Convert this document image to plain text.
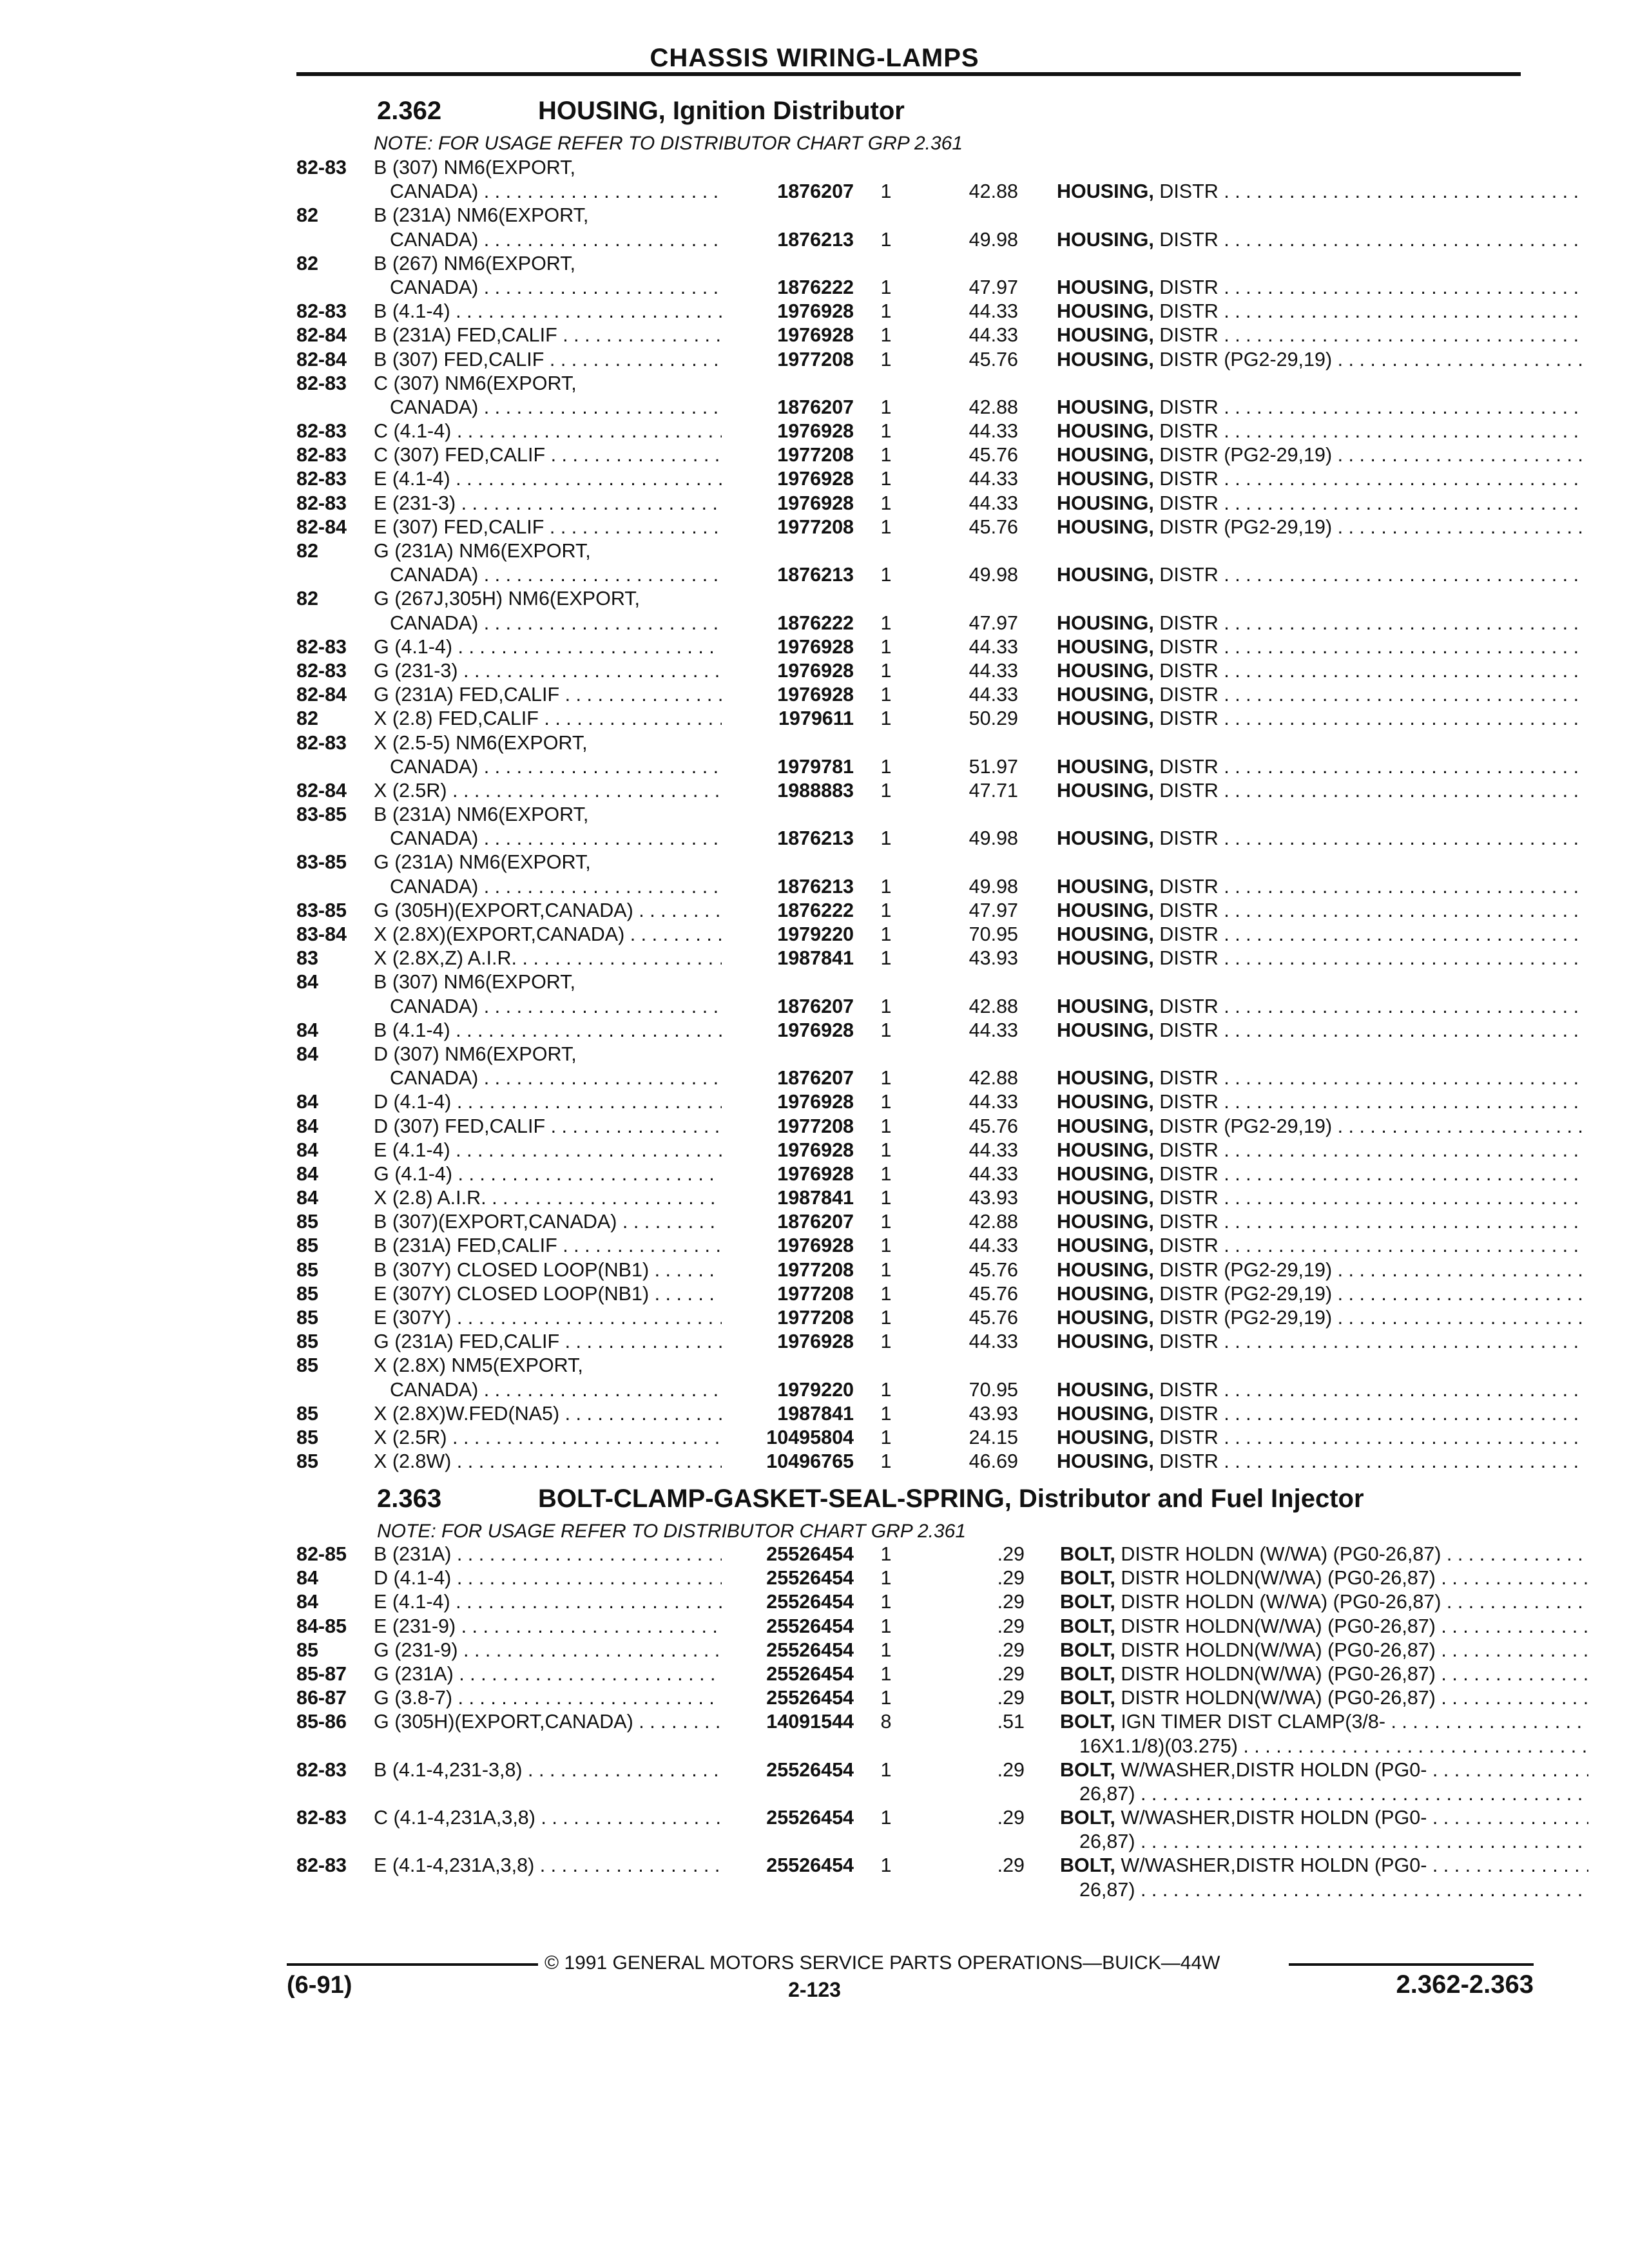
CHASSIS WIRING-LAMPS
2.362	HOUSING, Ignition Distributor
NOTE: FOR USAGE REFER TO DISTRIBUTOR CHART GRP 2.361
82-83 B (307) NM6(EXPORT,
CANADA) . . .	1876207	1	42.88 HOUSING, DISTR . . .
82	B (231A) NM6(EXPORT,
CANADA) . . .	1876213	1	49.98 HOUSING, DISTR . . .
82	B (267) NM6(EXPORT,
CANADA) . . .	1876222	1	47.97 HOUSING, DISTR . . .
82-83 B (4.1-4) . . .	1976928	1	44.33 HOUSING, DISTR . . .
82-84 B (231A) FED,CALIF . . .	1976928	1	44.33 HOUSING, DISTR . . .
82-84 B (307) FED,CALIF . . .	1977208	1	45.76 HOUSING, DISTR (PG2-29,19) . . .
82-83 C (307) NM6(EXPORT,
CANADA) . . .	1876207	1	42.88 HOUSING, DISTR . . .
82-83 C (4.1-4) . . .	1976928	1	44.33 HOUSING, DISTR . . .
82-83 C (307) FED,CALIF . . .	1977208	1	45.76 HOUSING, DISTR (PG2-29,19) . . .
82-83 E (4.1-4) . . .	1976928	1	44.33 HOUSING, DISTR . . .
82-83 E (231-3) . . .	1976928	1	44.33 HOUSING, DISTR . . .
82-84 E (307) FED,CALIF . . .	1977208	1	45.76 HOUSING, DISTR (PG2-29,19) . . .
82	G (231A) NM6(EXPORT,
CANADA) . . .	1876213	1	49.98 HOUSING, DISTR . . .
82	G (267J,305H) NM6(EXPORT,
CANADA) . . .	1876222	1	47.97 HOUSING, DISTR . . .
82-83 G (4.1-4) . . .	1976928	1	44.33 HOUSING, DISTR . . .
82-83 G (231-3) . . .	1976928	1	44.33 HOUSING, DISTR . . .
82-84 G (231A) FED,CALIF . . .	1976928	1	44.33 HOUSING, DISTR . . .
82	X (2.8) FED,CALIF . . .	1979611	1	50.29 HOUSING, DISTR . . .
82-83 X (2.5-5) NM6(EXPORT,
CANADA) . . .	1979781	1	51.97 HOUSING, DISTR . . .
82-84 X (2.5R) . . .	1988883	1	47.71 HOUSING, DISTR . . .
83-85 B (231A) NM6(EXPORT,
CANADA) . . .	1876213	1	49.98 HOUSING, DISTR . . .
83-85 G (231A) NM6(EXPORT,
CANADA) . . .	1876213	1	49.98 HOUSING, DISTR . . .
83-85 G (305H)(EXPORT,CANADA) . . .	1876222	1	47.97 HOUSING, DISTR . . .
83-84 X (2.8X)(EXPORT,CANADA) . . .	1979220	1	70.95 HOUSING, DISTR . . .
83	X (2.8X,Z) A.I.R. . . .	1987841	1	43.93 HOUSING, DISTR . . .
84	B (307) NM6(EXPORT,
CANADA) . . .	1876207	1	42.88 HOUSING, DISTR . . .
84	B (4.1-4) . . .	1976928	1	44.33 HOUSING, DISTR . . .
84	D (307) NM6(EXPORT,
CANADA) . . .	1876207	1	42.88 HOUSING, DISTR . . .
84	D (4.1-4) . . .	1976928	1	44.33 HOUSING, DISTR . . .
84	D (307) FED,CALIF . . .	1977208	1	45.76 HOUSING, DISTR (PG2-29,19) . . .
84	E (4.1-4) . . .	1976928	1	44.33 HOUSING, DISTR . . .
84	G (4.1-4) . . .	1976928	1	44.33 HOUSING, DISTR . . .
84	X (2.8) A.I.R. . . .	1987841	1	43.93 HOUSING, DISTR . . .
85	B (307)(EXPORT,CANADA) . . .	1876207	1	42.88 HOUSING, DISTR . . .
85	B (231A) FED,CALIF . . .	1976928	1	44.33 HOUSING, DISTR . . .
85	B (307Y) CLOSED LOOP(NB1) . . .	1977208	1	45.76 HOUSING, DISTR (PG2-29,19) . . .
85	E (307Y) CLOSED LOOP(NB1) . . .	1977208	1	45.76 HOUSING, DISTR (PG2-29,19) . . .
85	E (307Y) . . .	1977208	1	45.76 HOUSING, DISTR (PG2-29,19) . . .
85	G (231A) FED,CALIF . . .	1976928	1	44.33 HOUSING, DISTR . . .
85	X (2.8X) NM5(EXPORT,
CANADA) . . .	1979220	1	70.95 HOUSING, DISTR . . .
85	X (2.8X)W.FED(NA5) . . .	1987841	1	43.93 HOUSING, DISTR . . .
85	X (2.5R) . . .	10495804	1	24.15 HOUSING, DISTR . . .
85	X (2.8W) . . .	10496765	1	46.69 HOUSING, DISTR . . .
2.363	BOLT-CLAMP-GASKET-SEAL-SPRING, Distributor and Fuel Injector
NOTE: FOR USAGE REFER TO DISTRIBUTOR CHART GRP 2.361
82-85 B (231A) . . .	25526454	1	.29 BOLT, DISTR HOLDN (W/WA) (PG0-26,87) . . .
84	D (4.1-4) . . .	25526454	1	.29 BOLT, DISTR HOLDN(W/WA) (PG0-26,87) . . .
84	E (4.1-4) . . .	25526454	1	.29 BOLT, DISTR HOLDN (W/WA) (PG0-26,87) . . .
84-85 E (231-9) . . .	25526454	1	.29 BOLT, DISTR HOLDN(W/WA) (PG0-26,87) . . .
85	G (231-9) . . .	25526454	1	.29 BOLT, DISTR HOLDN(W/WA) (PG0-26,87) . . .
85-87 G (231A) . . .	25526454	1	.29 BOLT, DISTR HOLDN(W/WA) (PG0-26,87) . . .
86-87 G (3.8-7) . . .	25526454	1	.29 BOLT, DISTR HOLDN(W/WA) (PG0-26,87) . . .
85-86 G (305H)(EXPORT,CANADA) . . .	14091544	8	.51 BOLT, IGN TIMER DIST CLAMP(3/8- . . .
16X1.1/8)(03.275) . . .
82-83 B (4.1-4,231-3,8) . . .	25526454	1	.29 BOLT, W/WASHER,DISTR HOLDN (PG0- . . .
26,87) . . .
82-83 C (4.1-4,231A,3,8) . . .	25526454	1	.29 BOLT, W/WASHER,DISTR HOLDN (PG0- . . .
26,87) . . .
82-83 E (4.1-4,231A,3,8) . . .	25526454	1	.29 BOLT, W/WASHER,DISTR HOLDN (PG0- . . .
26,87) . . .
© 1991 GENERAL MOTORS SERVICE PARTS OPERATIONS—BUICK—44W
(6-91)	2-123	2.362-2.363
